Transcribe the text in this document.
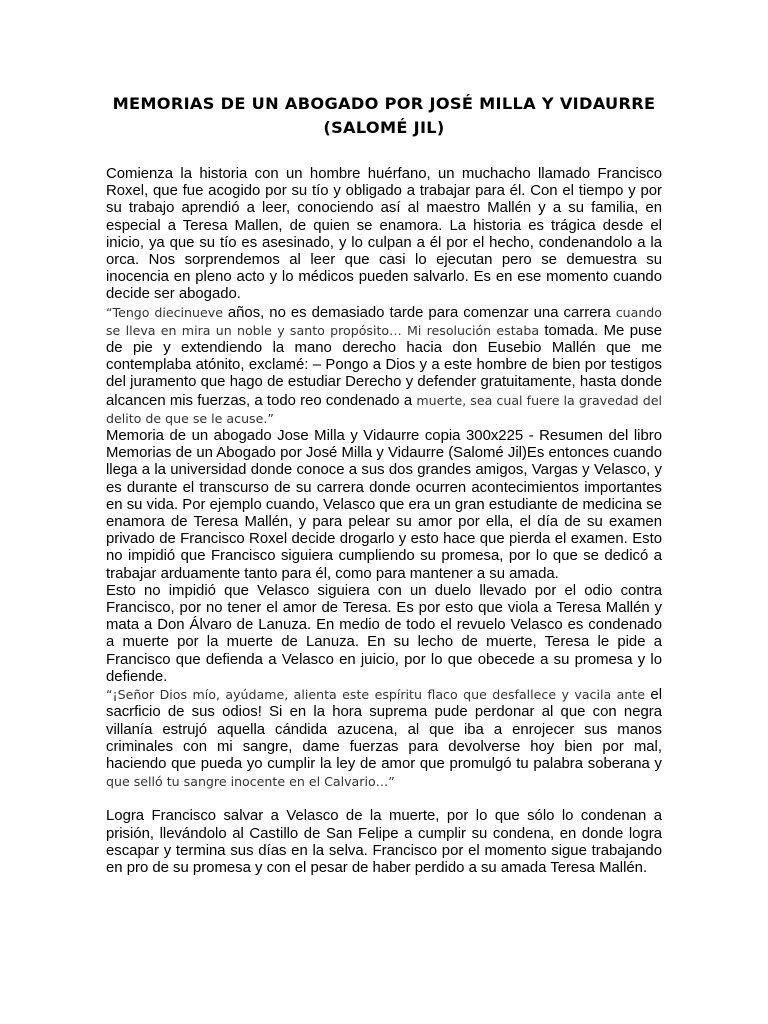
MEMORIAS DE UN ABOGADO POR JOSÉ MILLA Y VIDAURRE (SALOMÉ JIL)

Comienza la historia con un hombre huérfano, un muchacho llamado Francisco Roxel, que fue acogido por su tío y obligado a trabajar para él. Con el tiempo y por su trabajo aprendió a leer, conociendo así al maestro Mallén y a su familia, en especial a Teresa Mallen, de quien se enamora. La historia es trágica desde el inicio, ya que su tío es asesinado, y lo culpan a él por el hecho, condenandolo a la orca. Nos sorprendemos al leer que casi lo ejecutan pero se demuestra su inocencia en pleno acto y lo médicos pueden salvarlo. Es en ese momento cuando decide ser abogado.

“Tengo diecinueve años, no es demasiado tarde para comenzar una carrera cuando se lleva en mira un noble y santo propósito… Mi resolución estaba tomada. Me puse de pie y extendiendo la mano derecho hacia don Eusebio Mallén que me contemplaba atónito, exclamé: – Pongo a Dios y a este hombre de bien por testigos del juramento que hago de estudiar Derecho y defender gratuitamente, hasta donde alcancen mis fuerzas, a todo reo condenado a muerte, sea cual fuere la gravedad del delito de que se le acuse.”

Memoria de un abogado Jose Milla y Vidaurre copia 300x225 - Resumen del libro Memorias de un Abogado por José Milla y Vidaurre (Salomé Jil)Es entonces cuando llega a la universidad donde conoce a sus dos grandes amigos, Vargas y Velasco, y es durante el transcurso de su carrera donde ocurren acontecimientos importantes en su vida. Por ejemplo cuando, Velasco que era un gran estudiante de medicina se enamora de Teresa Mallén, y para pelear su amor por ella, el día de su examen privado de Francisco Roxel decide drogarlo y esto hace que pierda el examen. Esto no impidió que Francisco siguiera cumpliendo su promesa, por lo que se dedicó a trabajar arduamente tanto para él, como para mantener a su amada.

Esto no impidió que Velasco siguiera con un duelo llevado por el odio contra Francisco, por no tener el amor de Teresa. Es por esto que viola a Teresa Mallén y mata a Don Álvaro de Lanuza. En medio de todo el revuelo Velasco es condenado a muerte por la muerte de Lanuza. En su lecho de muerte, Teresa le pide a Francisco que defienda a Velasco en juicio, por lo que obecede a su promesa y lo defiende.

“¡Señor Dios mío, ayúdame, alienta este espíritu flaco que desfallece y vacila ante el sacrficio de sus odios! Si en la hora suprema pude perdonar al que con negra villanía estrujó aquella cándida azucena, al que iba a enrojecer sus manos criminales con mi sangre, dame fuerzas para devolverse hoy bien por mal, haciendo que pueda yo cumplir la ley de amor que promulgó tu palabra soberana y que selló tu sangre inocente en el Calvario…”

Logra Francisco salvar a Velasco de la muerte, por lo que sólo lo condenan a prisión, llevándolo al Castillo de San Felipe a cumplir su condena, en donde logra escapar y termina sus días en la selva. Francisco por el momento sigue trabajando en pro de su promesa y con el pesar de haber perdido a su amada Teresa Mallén.
